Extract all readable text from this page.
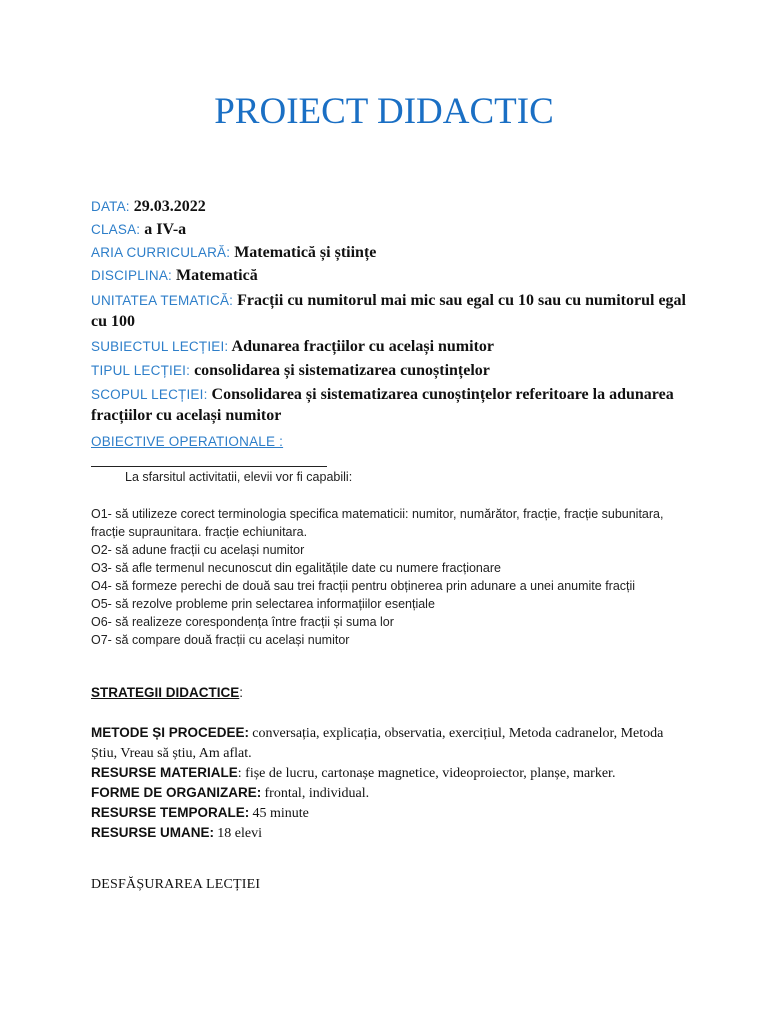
PROIECT DIDACTIC
DATA: 29.03.2022
CLASA: a IV-a
ARIA CURRICULARĂ: Matematică și științe
DISCIPLINA: Matematică
UNITATEA TEMATICĂ: Fracții cu numitorul mai mic sau egal cu 10 sau cu numitorul egal cu 100
SUBIECTUL LECȚIEI: Adunarea fracțiilor cu același numitor
TIPUL LECȚIEI: consolidarea și sistematizarea cunoștințelor
SCOPUL LECȚIEI: Consolidarea și sistematizarea cunoștințelor referitoare la adunarea fracțiilor cu același numitor
OBIECTIVE OPERATIONALE :
La sfarsitul activitatii, elevii vor fi capabili:
O1- să utilizeze corect terminologia specifica matematicii: numitor, numărător, fracție, fracție subunitara, fracție supraunitara. fracție echiunitara.
O2- să adune fracții cu același numitor
O3- să afle termenul necunoscut din egalitățile date cu numere fracționare
O4- să formeze perechi de două sau trei fracții pentru obținerea prin adunare a unei anumite fracții
O5- să rezolve probleme prin selectarea informațiilor esențiale
O6- să realizeze corespondența între fracții și suma lor
O7- să compare două fracții cu același numitor
STRATEGII DIDACTICE:
METODE ȘI PROCEDEE: conversația, explicația, observatia, exercițiul, Metoda cadranelor, Metoda Știu, Vreau să știu, Am aflat.
RESURSE MATERIALE: fișe de lucru, cartonașe magnetice, videoproiector, planșe, marker.
FORME DE ORGANIZARE: frontal, individual.
RESURSE TEMPORALE: 45 minute
RESURSE UMANE: 18 elevi
DESFĂȘURAREA LECȚIEI
